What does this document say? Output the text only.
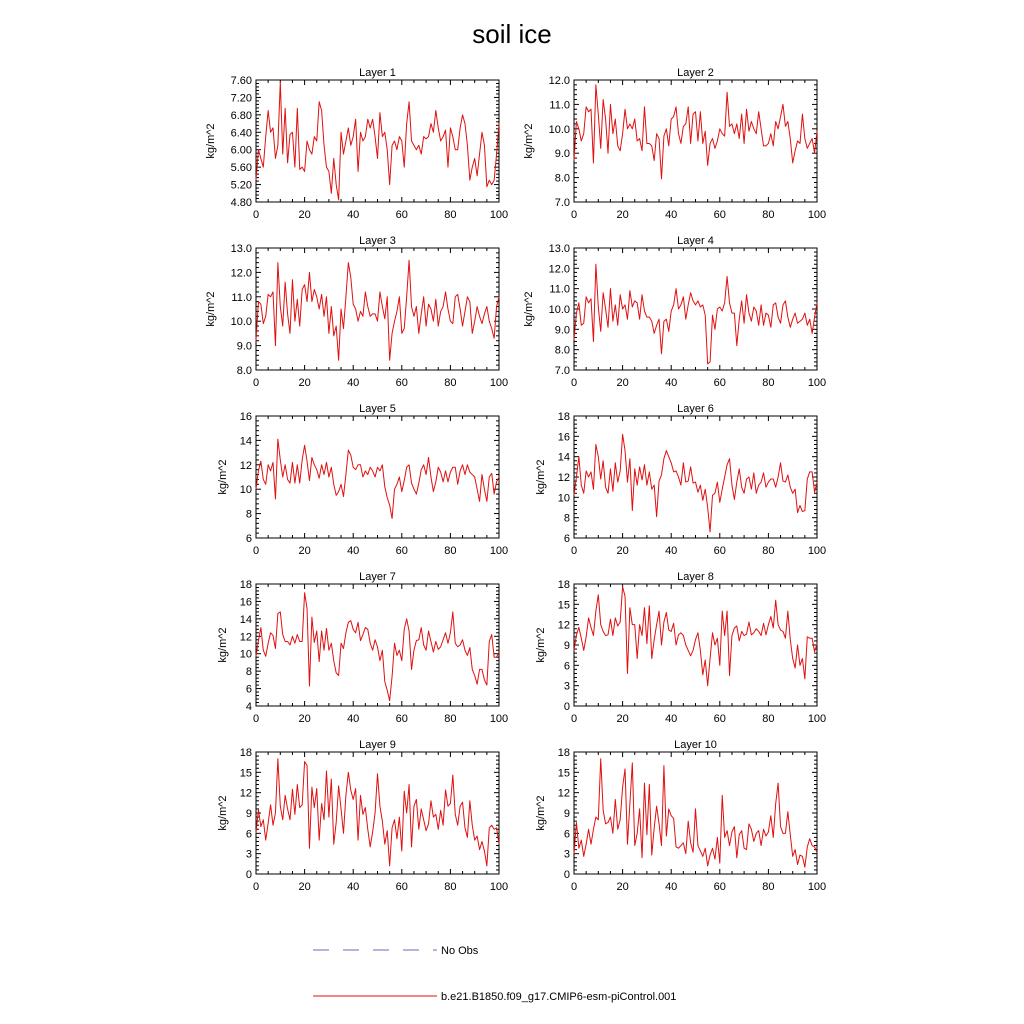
soil ice
Layer 1
0	20	40	60	80	100
4.80
5.20
5.60
6.00
6.40
6.80
7.20
7.60
kg/m^2
Layer 2
0	20	40	60	80	100
7.0
8.0
9.0
10.0
11.0
12.0
kg/m^2
Layer 3
0	20	40	60	80	100
8.0
9.0
10.0
11.0
12.0
13.0
kg/m^2
Layer 4
0	20	40	60	80	100
7.0
8.0
9.0
10.0
11.0
12.0
13.0
kg/m^2
Layer 5
0	20	40	60	80	100
6
8
10
12
14
16
kg/m^2
Layer 6
0	20	40	60	80	100
6
8
10
12
14
16
18
kg/m^2
Layer 7
0	20	40	60	80	100
4
6
8
10
12
14
16
18
kg/m^2
Layer 8
0	20	40	60	80	100
0
3
6
9
12
15
18
kg/m^2
Layer 9
0	20	40	60	80	100
0
3
6
9
12
15
18
kg/m^2
Layer 10
0	20	40	60	80	100
0
3
6
9
12
15
18
kg/m^2
No Obs
b.e21.B1850.f09_g17.CMIP6-esm-piControl.001
